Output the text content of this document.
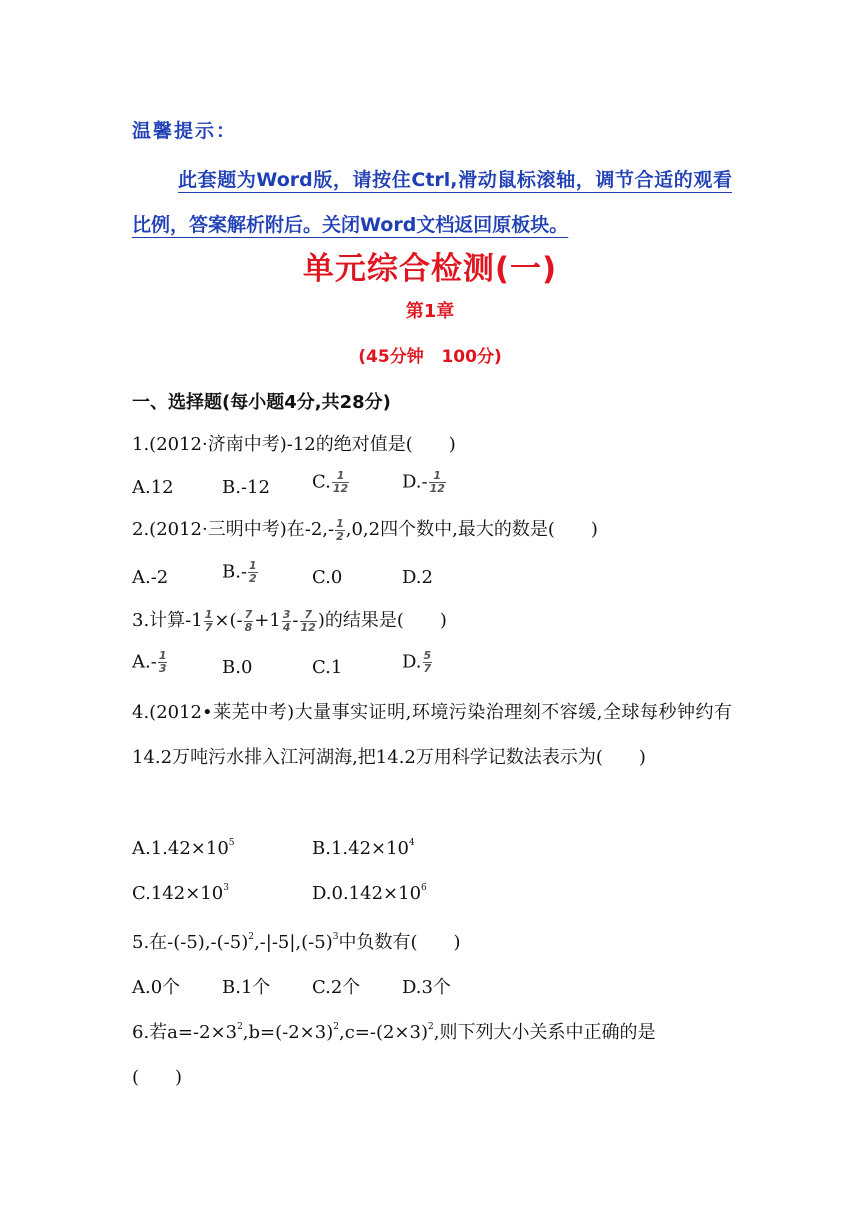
温馨提示：
此套题为Word版，请按住Ctrl,滑动鼠标滚轴，调节合适的观看比例，答案解析附后。关闭Word文档返回原板块。
单元综合检测(一)
第1章
(45分钟   100分)
一、选择题(每小题4分,共28分)
1.(2012·济南中考)-12的绝对值是(　　)
A.12	B.-12 C. $\frac{1}{12}$	$D.- \frac{1}{12}$
2.(2012·三明中考)在$-2,- \frac{1}{2} ,0,2$四个数中,最大的数是(　　)
A.-2	$B.- \frac{1}{2}$	C.0	D.2
3.计算$-1 \frac{1}{7}$ ×(- $\frac{7}{8} +1 \frac{3}{4} - \frac{7}{12}$ )的结果是(　　)
$A.- \frac{1}{3}$	B.0	C.1	D. $\frac{5}{7}$
4.(2012•莱芜中考)大量事实证明,环境污染治理刻不容缓,全球每秒钟约有14.2万吨污水排入江河湖海,把14.2万用科学记数法表示为(　　)
$A.1.42\times 10^5$	$B.1.42\times 10^4$
$C.142\times 10^3$	$D.0.142\times 10^6$
5.在$-(-5),-(-5)^2,-|-5|,(-5)^3$中负数有(　　)
A.0个 B.1个 C.2个 D.3个
6.若$a=-2\times 3^2,b=(-2\times 3)^2,c=-(2\times 3)^2$,则下列大小关系中正确的是
(　　)
